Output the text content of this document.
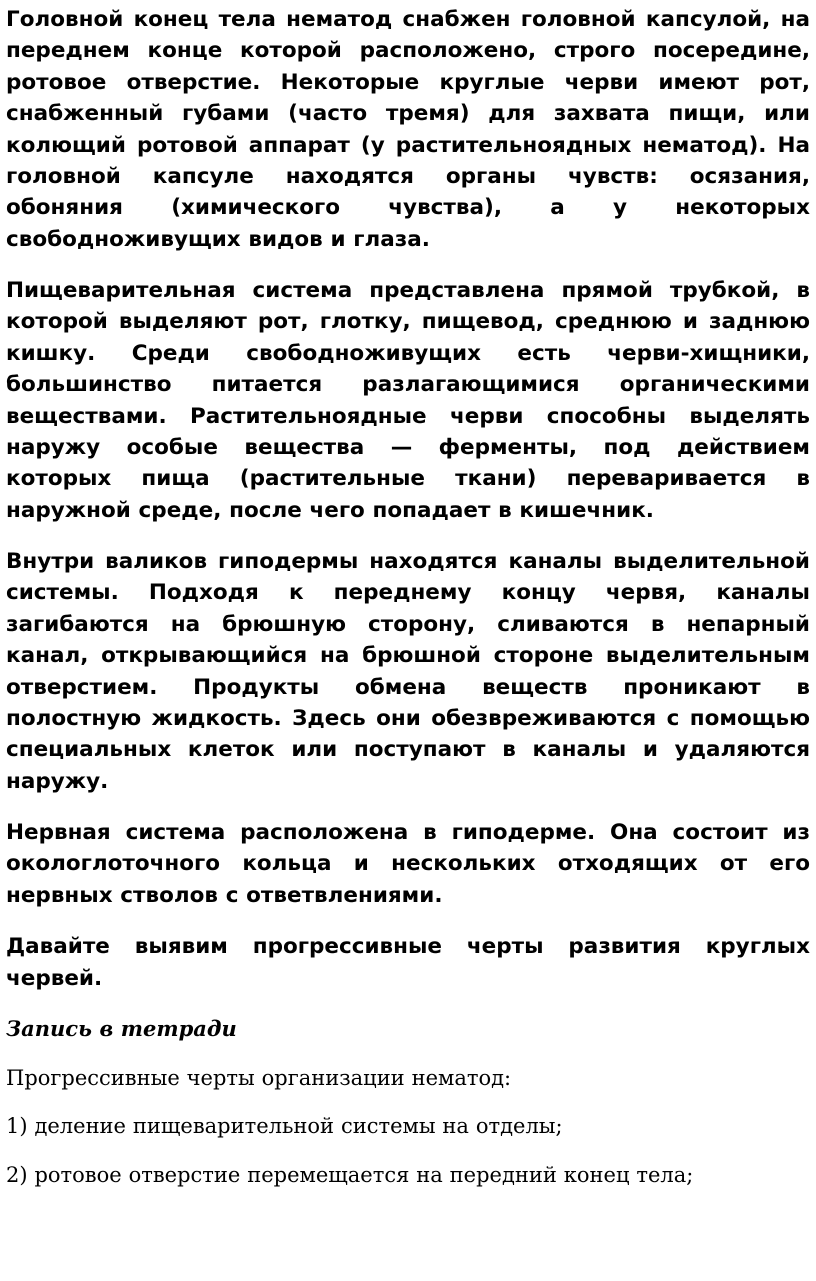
Головной конец тела нематод снабжен головной капсулой, на переднем конце которой расположено, строго посередине, ротовое отверстие. Некоторые круглые черви имеют рот, снабженный губами (часто тремя) для захвата пищи, или колющий ротовой аппарат (у растительноядных нематод). На головной капсуле находятся органы чувств: осязания, обоняния (химического чувства), а у некоторых свободноживущих видов и глаза.

Пищеварительная система представлена прямой трубкой, в которой выделяют рот, глотку, пищевод, среднюю и заднюю кишку. Среди свободноживущих есть черви-хищники, большинство питается разлагающимися органическими веществами. Растительноядные черви способны выделять наружу особые вещества — ферменты, под действием которых пища (растительные ткани) переваривается в наружной среде, после чего попадает в кишечник.

Внутри валиков гиподермы находятся каналы выделительной системы. Подходя к переднему концу червя, каналы загибаются на брюшную сторону, сливаются в непарный канал, открывающийся на брюшной стороне выделительным отверстием. Продукты обмена веществ проникают в полостную жидкость. Здесь они обезвреживаются с помощью специальных клеток или поступают в каналы и удаляются наружу.

Нервная система расположена в гиподерме. Она состоит из окологлоточного кольца и нескольких отходящих от его нервных стволов с ответвлениями.

Давайте выявим прогрессивные черты развития круглых червей.

Запись в тетради

Прогрессивные черты организации нематод:

1) деление пищеварительной системы на отделы;

2) ротовое отверстие перемещается на передний конец тела;
